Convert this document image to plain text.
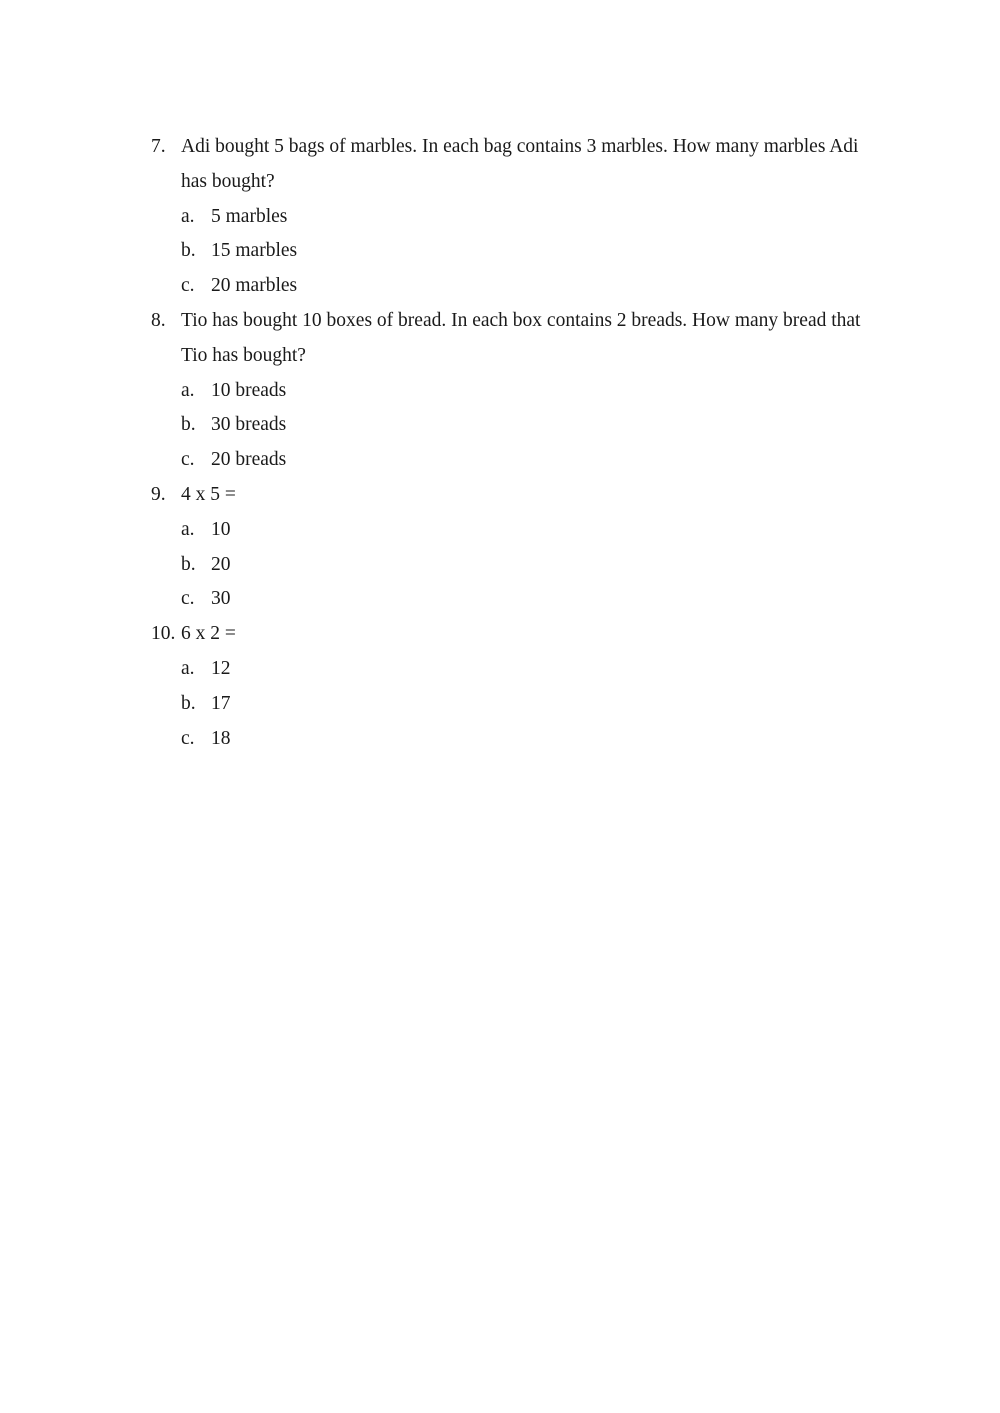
7. Adi bought 5 bags of marbles. In each bag contains 3 marbles. How many marbles Adi
has bought?
a. 5 marbles
b. 15 marbles
c. 20 marbles
8. Tio has bought 10 boxes of bread. In each box contains 2 breads. How many bread that
Tio has bought?
a. 10 breads
b. 30 breads
c. 20 breads
9. 4 x 5 =
a. 10
b. 20
c. 30
10. 6 x 2 =
a. 12
b. 17
c. 18
